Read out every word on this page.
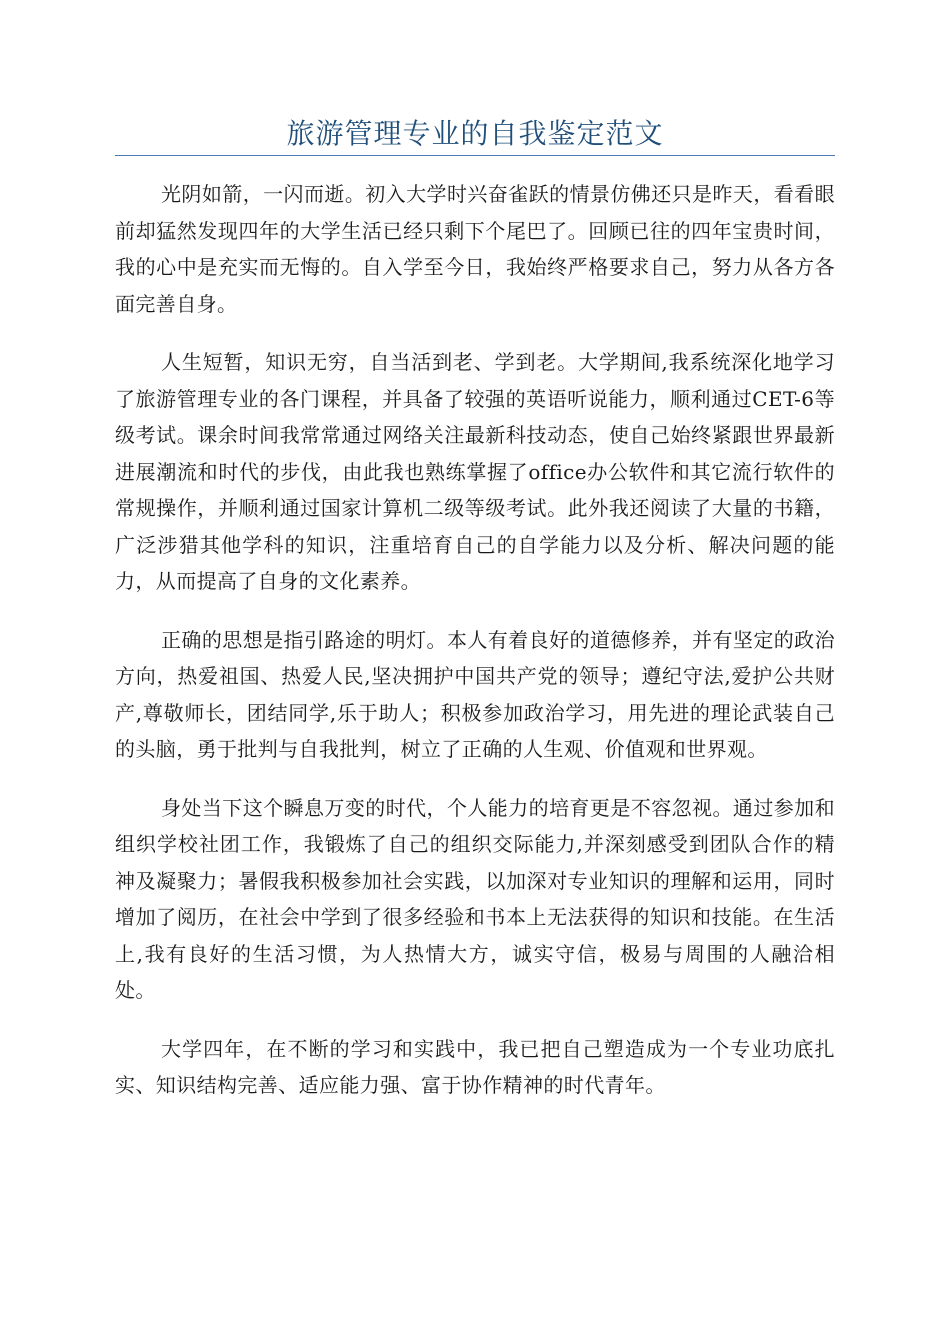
旅游管理专业的自我鉴定范文

光阴如箭，一闪而逝。初入大学时兴奋雀跃的情景仿佛还只是昨天，看看眼前却猛然发现四年的大学生活已经只剩下个尾巴了。回顾已往的四年宝贵时间，我的心中是充实而无悔的。自入学至今日，我始终严格要求自己，努力从各方各面完善自身。

人生短暂，知识无穷，自当活到老、学到老。大学期间,我系统深化地学习了旅游管理专业的各门课程，并具备了较强的英语听说能力，顺利通过CET-6等级考试。课余时间我常常通过网络关注最新科技动态，使自己始终紧跟世界最新进展潮流和时代的步伐，由此我也熟练掌握了office办公软件和其它流行软件的常规操作，并顺利通过国家计算机二级等级考试。此外我还阅读了大量的书籍，广泛涉猎其他学科的知识，注重培育自己的自学能力以及分析、解决问题的能力，从而提高了自身的文化素养。

正确的思想是指引路途的明灯。本人有着良好的道德修养，并有坚定的政治方向，热爱祖国、热爱人民,坚决拥护中国共产党的领导；遵纪守法,爱护公共财产,尊敬师长，团结同学,乐于助人；积极参加政治学习，用先进的理论武装自己的头脑，勇于批判与自我批判，树立了正确的人生观、价值观和世界观。

身处当下这个瞬息万变的时代，个人能力的培育更是不容忽视。通过参加和组织学校社团工作，我锻炼了自己的组织交际能力,并深刻感受到团队合作的精神及凝聚力；暑假我积极参加社会实践，以加深对专业知识的理解和运用，同时增加了阅历，在社会中学到了很多经验和书本上无法获得的知识和技能。在生活上,我有良好的生活习惯，为人热情大方，诚实守信，极易与周围的人融洽相处。

大学四年，在不断的学习和实践中，我已把自己塑造成为一个专业功底扎实、知识结构完善、适应能力强、富于协作精神的时代青年。
